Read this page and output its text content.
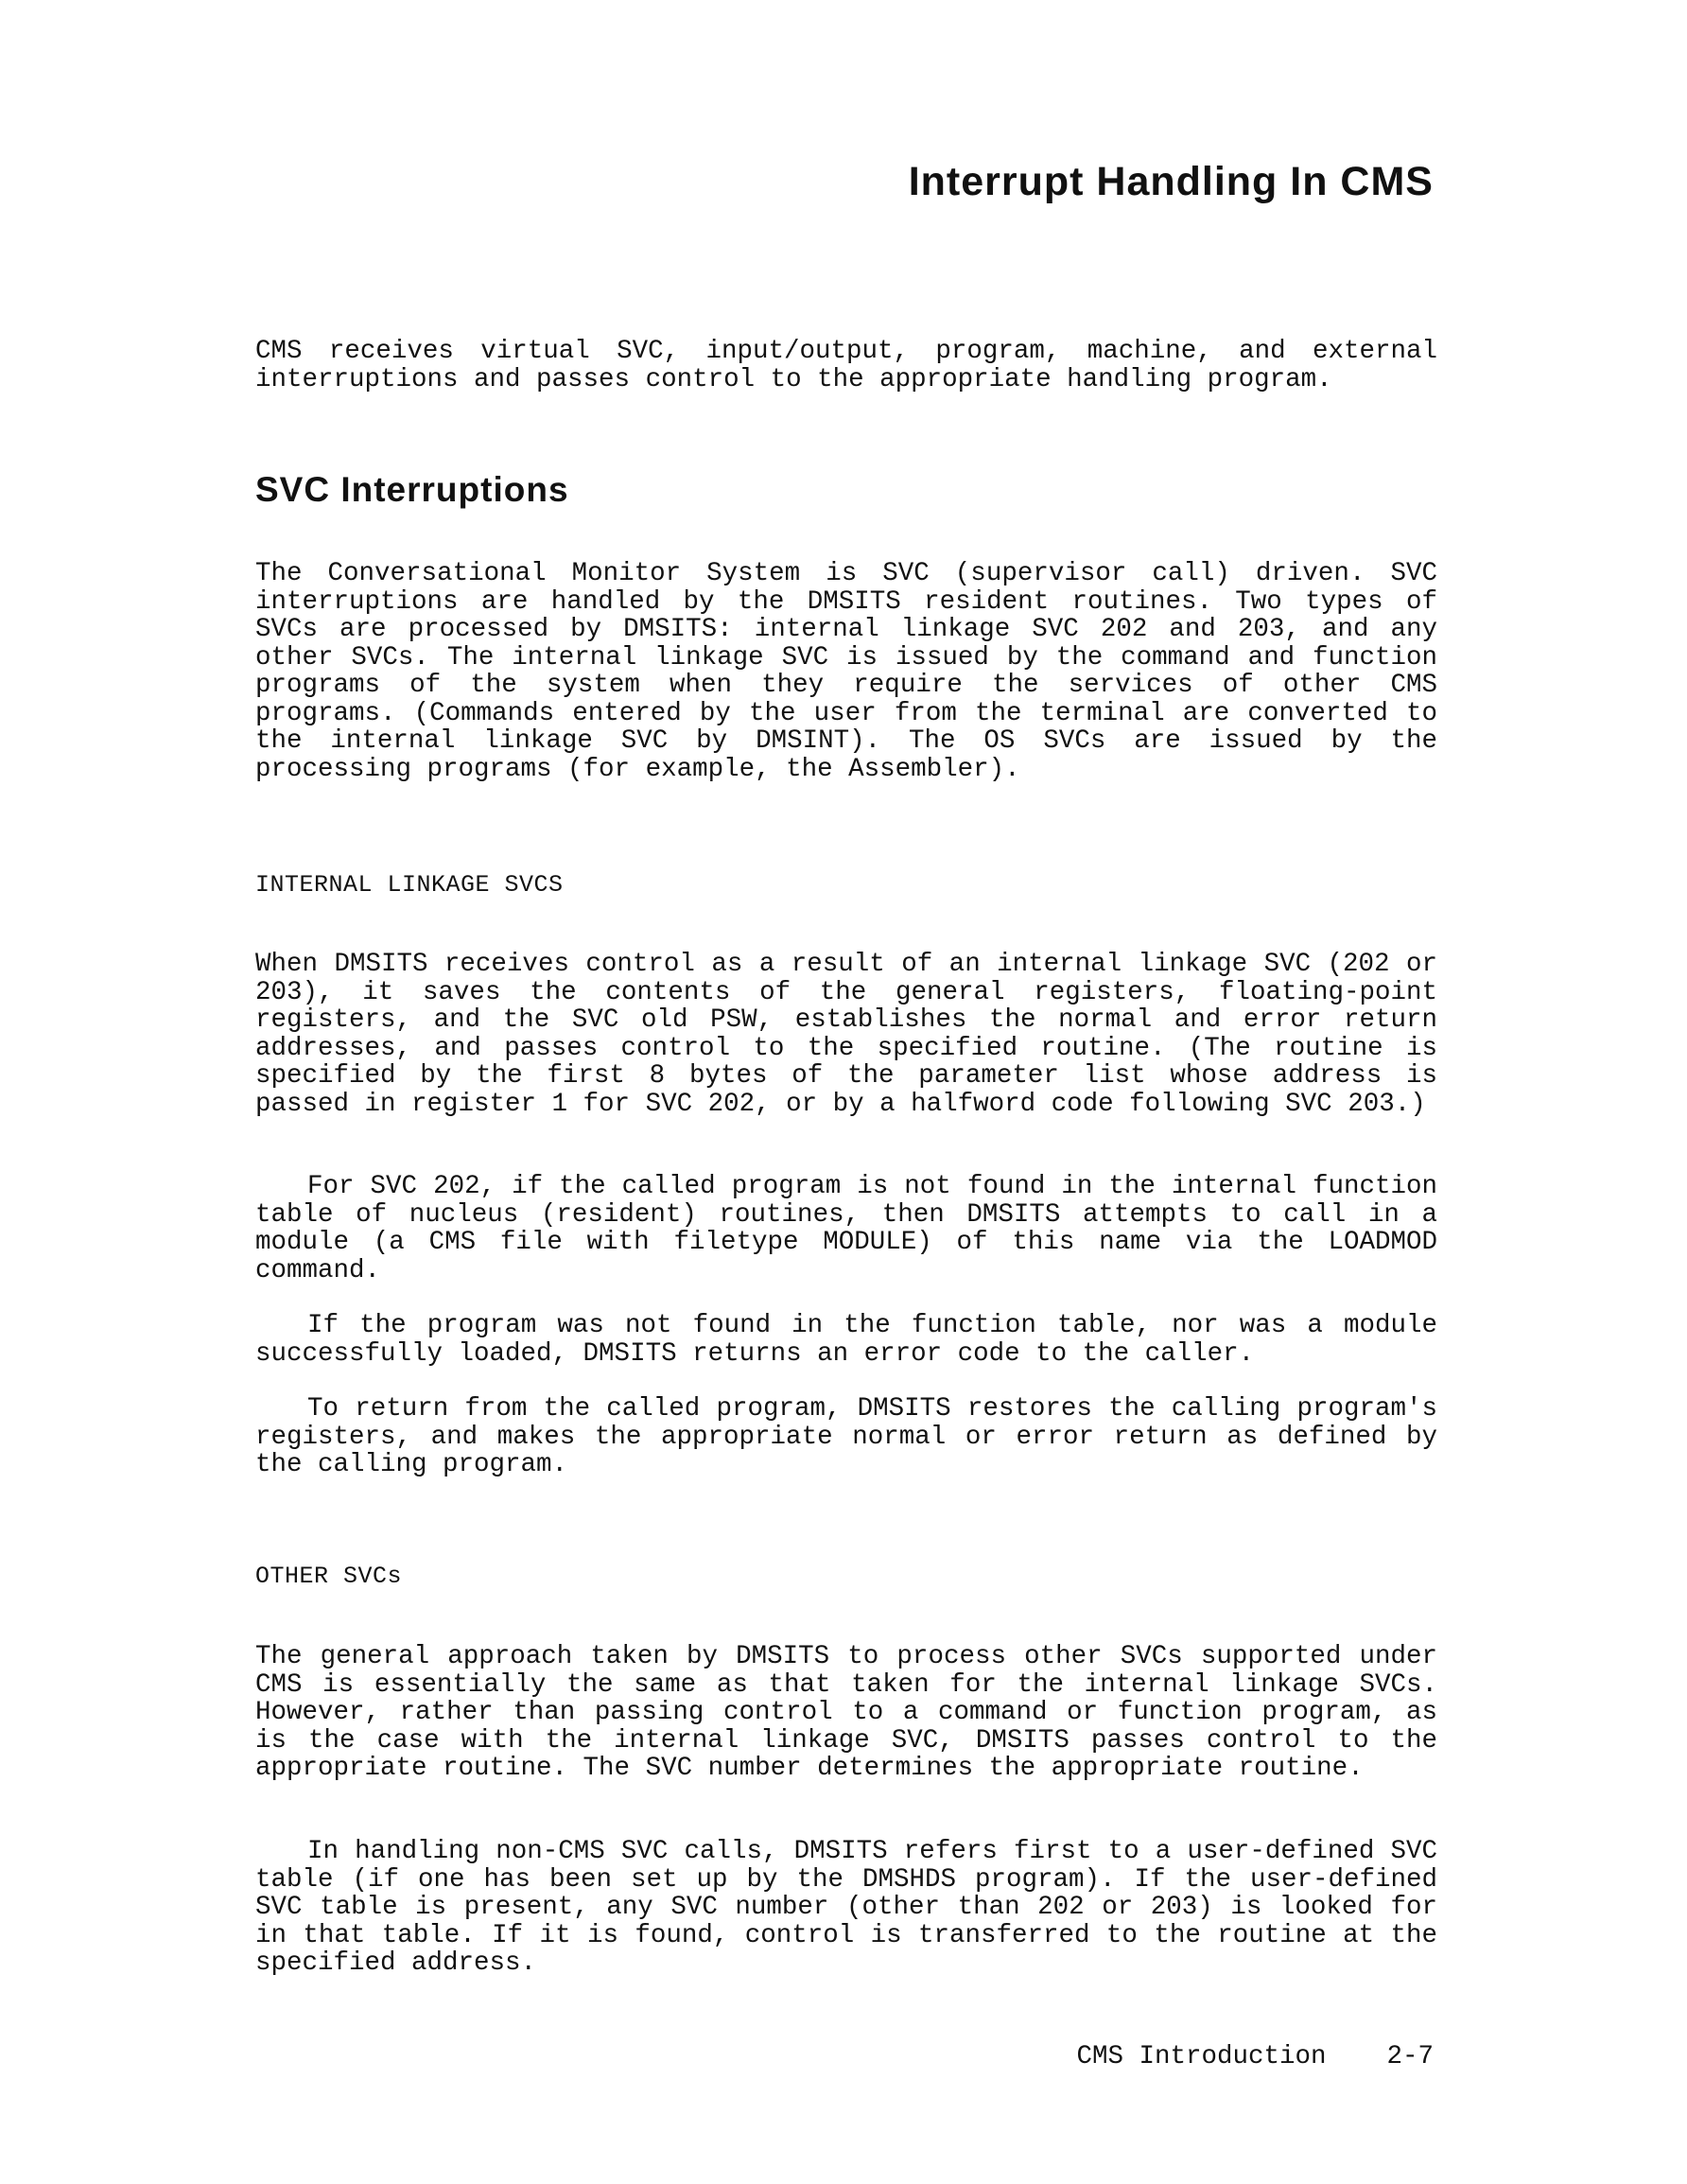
Interrupt Handling In CMS

CMS receives virtual SVC, input/output, program, machine, and external interruptions and passes control to the appropriate handling program.

SVC Interruptions

The Conversational Monitor System is SVC (supervisor call) driven. SVC interruptions are handled by the DMSITS resident routines. Two types of SVCs are processed by DMSITS: internal linkage SVC 202 and 203, and any other SVCs. The internal linkage SVC is issued by the command and function programs of the system when they require the services of other CMS programs. (Commands entered by the user from the terminal are converted to the internal linkage SVC by DMSINT). The OS SVCs are issued by the processing programs (for example, the Assembler).

INTERNAL LINKAGE SVCS

When DMSITS receives control as a result of an internal linkage SVC (202 or 203), it saves the contents of the general registers, floating-point registers, and the SVC old PSW, establishes the normal and error return addresses, and passes control to the specified routine. (The routine is specified by the first 8 bytes of the parameter list whose address is passed in register 1 for SVC 202, or by a halfword code following SVC 203.)

For SVC 202, if the called program is not found in the internal function table of nucleus (resident) routines, then DMSITS attempts to call in a module (a CMS file with filetype MODULE) of this name via the LOADMOD command.

If the program was not found in the function table, nor was a module successfully loaded, DMSITS returns an error code to the caller.

To return from the called program, DMSITS restores the calling program's registers, and makes the appropriate normal or error return as defined by the calling program.

OTHER SVCs

The general approach taken by DMSITS to process other SVCs supported under CMS is essentially the same as that taken for the internal linkage SVCs. However, rather than passing control to a command or function program, as is the case with the internal linkage SVC, DMSITS passes control to the appropriate routine. The SVC number determines the appropriate routine.

In handling non-CMS SVC calls, DMSITS refers first to a user-defined SVC table (if one has been set up by the DMSHDS program). If the user-defined SVC table is present, any SVC number (other than 202 or 203) is looked for in that table. If it is found, control is transferred to the routine at the specified address.

CMS Introduction 2-7
